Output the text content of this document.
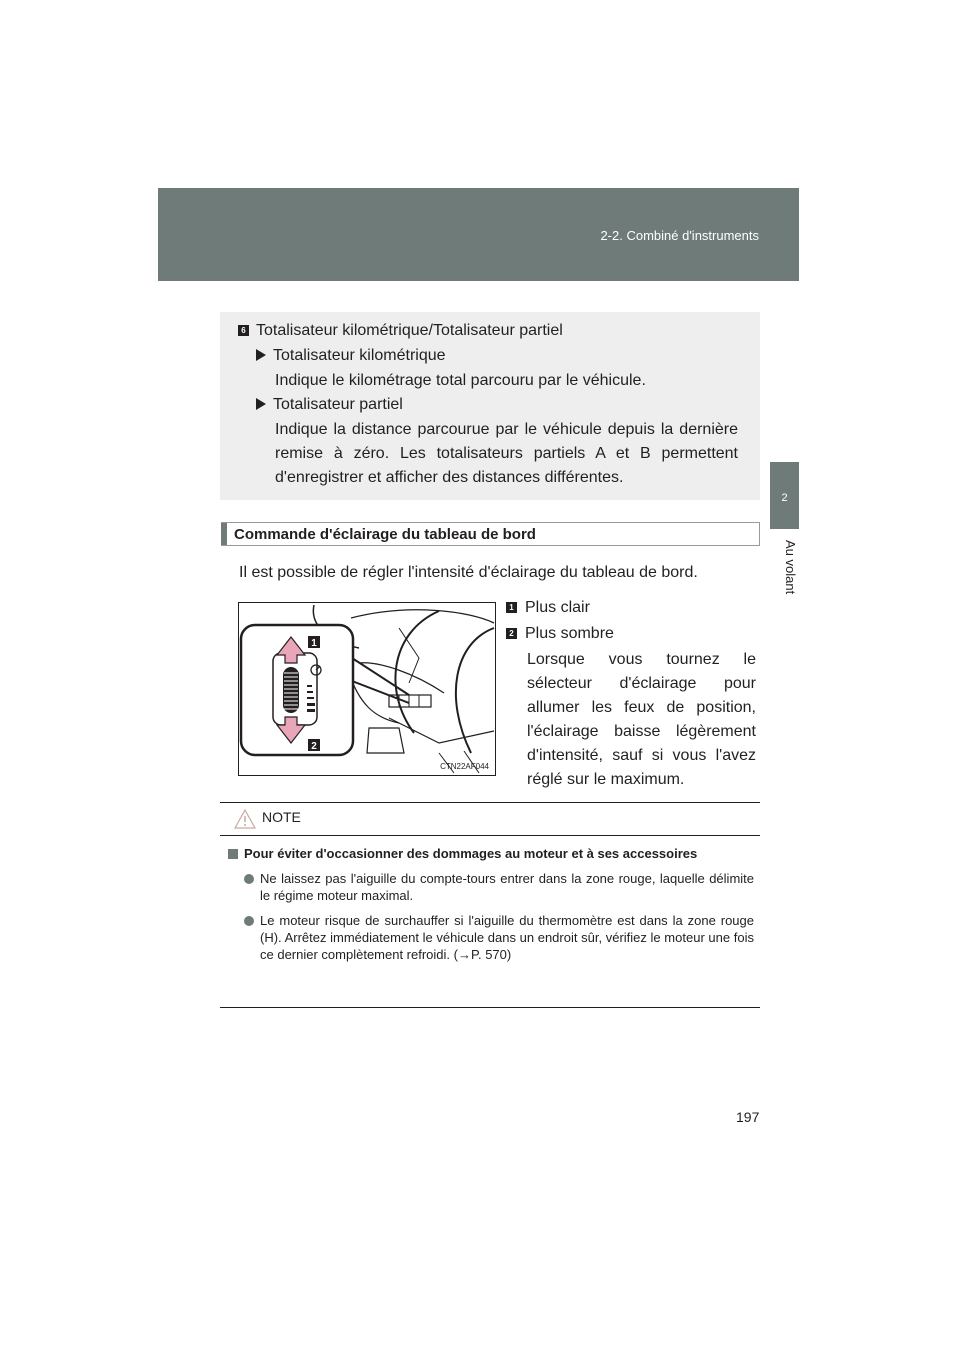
2-2. Combiné d'instruments
2
Au volant
6 Totalisateur kilométrique/Totalisateur partiel
Totalisateur kilométrique
Indique le kilométrage total parcouru par le véhicule.
Totalisateur partiel
Indique la distance parcourue par le véhicule depuis la dernière remise à zéro. Les totalisateurs partiels A et B permettent d'enregistrer et afficher des distances différentes.
Commande d'éclairage du tableau de bord
Il est possible de régler l'intensité d'éclairage du tableau de bord.
1
2
CTN22AF044
1 Plus clair
2 Plus sombre
Lorsque vous tournez le sélecteur d'éclairage pour allumer les feux de position, l'éclairage baisse légèrement d'intensité, sauf si vous l'avez réglé sur le maximum.
NOTE

Pour éviter d'occasionner des dommages au moteur et à ses accessoires

Ne laissez pas l'aiguille du compte-tours entrer dans la zone rouge, laquelle délimite le régime moteur maximal.

Le moteur risque de surchauffer si l'aiguille du thermomètre est dans la zone rouge (H). Arrêtez immédiatement le véhicule dans un endroit sûr, vérifiez le moteur une fois ce dernier complètement refroidi. (→P. 570)

197
